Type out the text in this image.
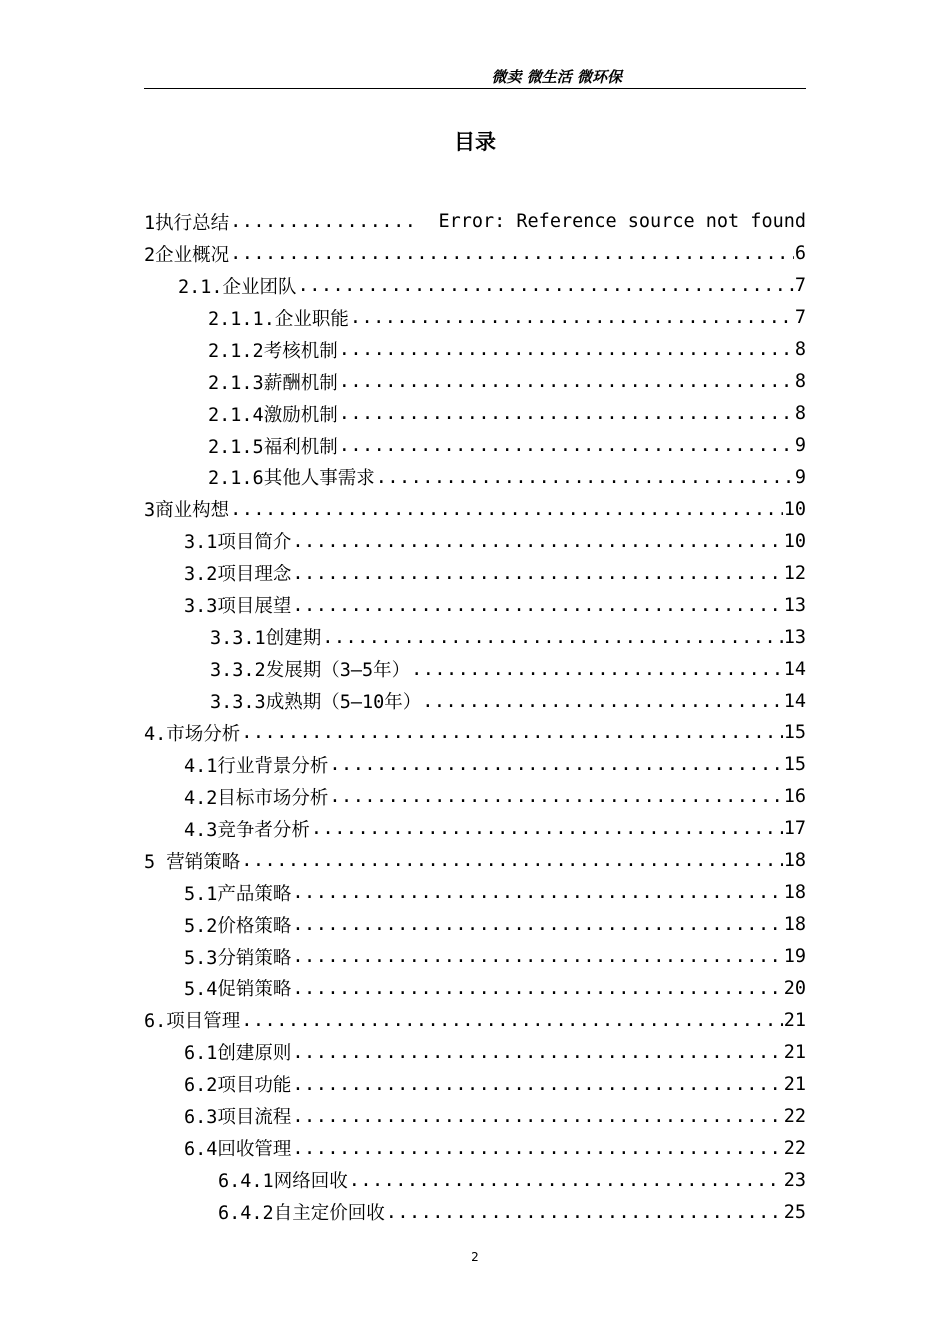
微卖 微生活 微环保
目录
1执行总结 .....	Error: Reference source not found
2企业概况 .....	6
2.1.企业团队 .....	7
2.1.1.企业职能 .....	7
2.1.2考核机制 .....	8
2.1.3薪酬机制 .....	8
2.1.4激励机制 .....	8
2.1.5福利机制 .....	9
2.1.6其他人事需求 .....	9
3商业构想 .....	10
3.1项目简介 .....	10
3.2项目理念 .....	12
3.3项目展望 .....	13
3.3.1创建期 .....	13
3.3.2发展期（3—5年） .....	14
3.3.3成熟期（5—10年） .....	14
4.市场分析 .....	15
4.1行业背景分析 .....	15
4.2目标市场分析 .....	16
4.3竞争者分析 .....	17
5 营销策略 .....	18
5.1产品策略 .....	18
5.2价格策略 .....	18
5.3分销策略 .....	19
5.4促销策略 .....	20
6.项目管理 .....	21
6.1创建原则 .....	21
6.2项目功能 .....	21
6.3项目流程 .....	22
6.4回收管理 .....	22
6.4.1网络回收 .....	23
6.4.2自主定价回收 .....	25
2
